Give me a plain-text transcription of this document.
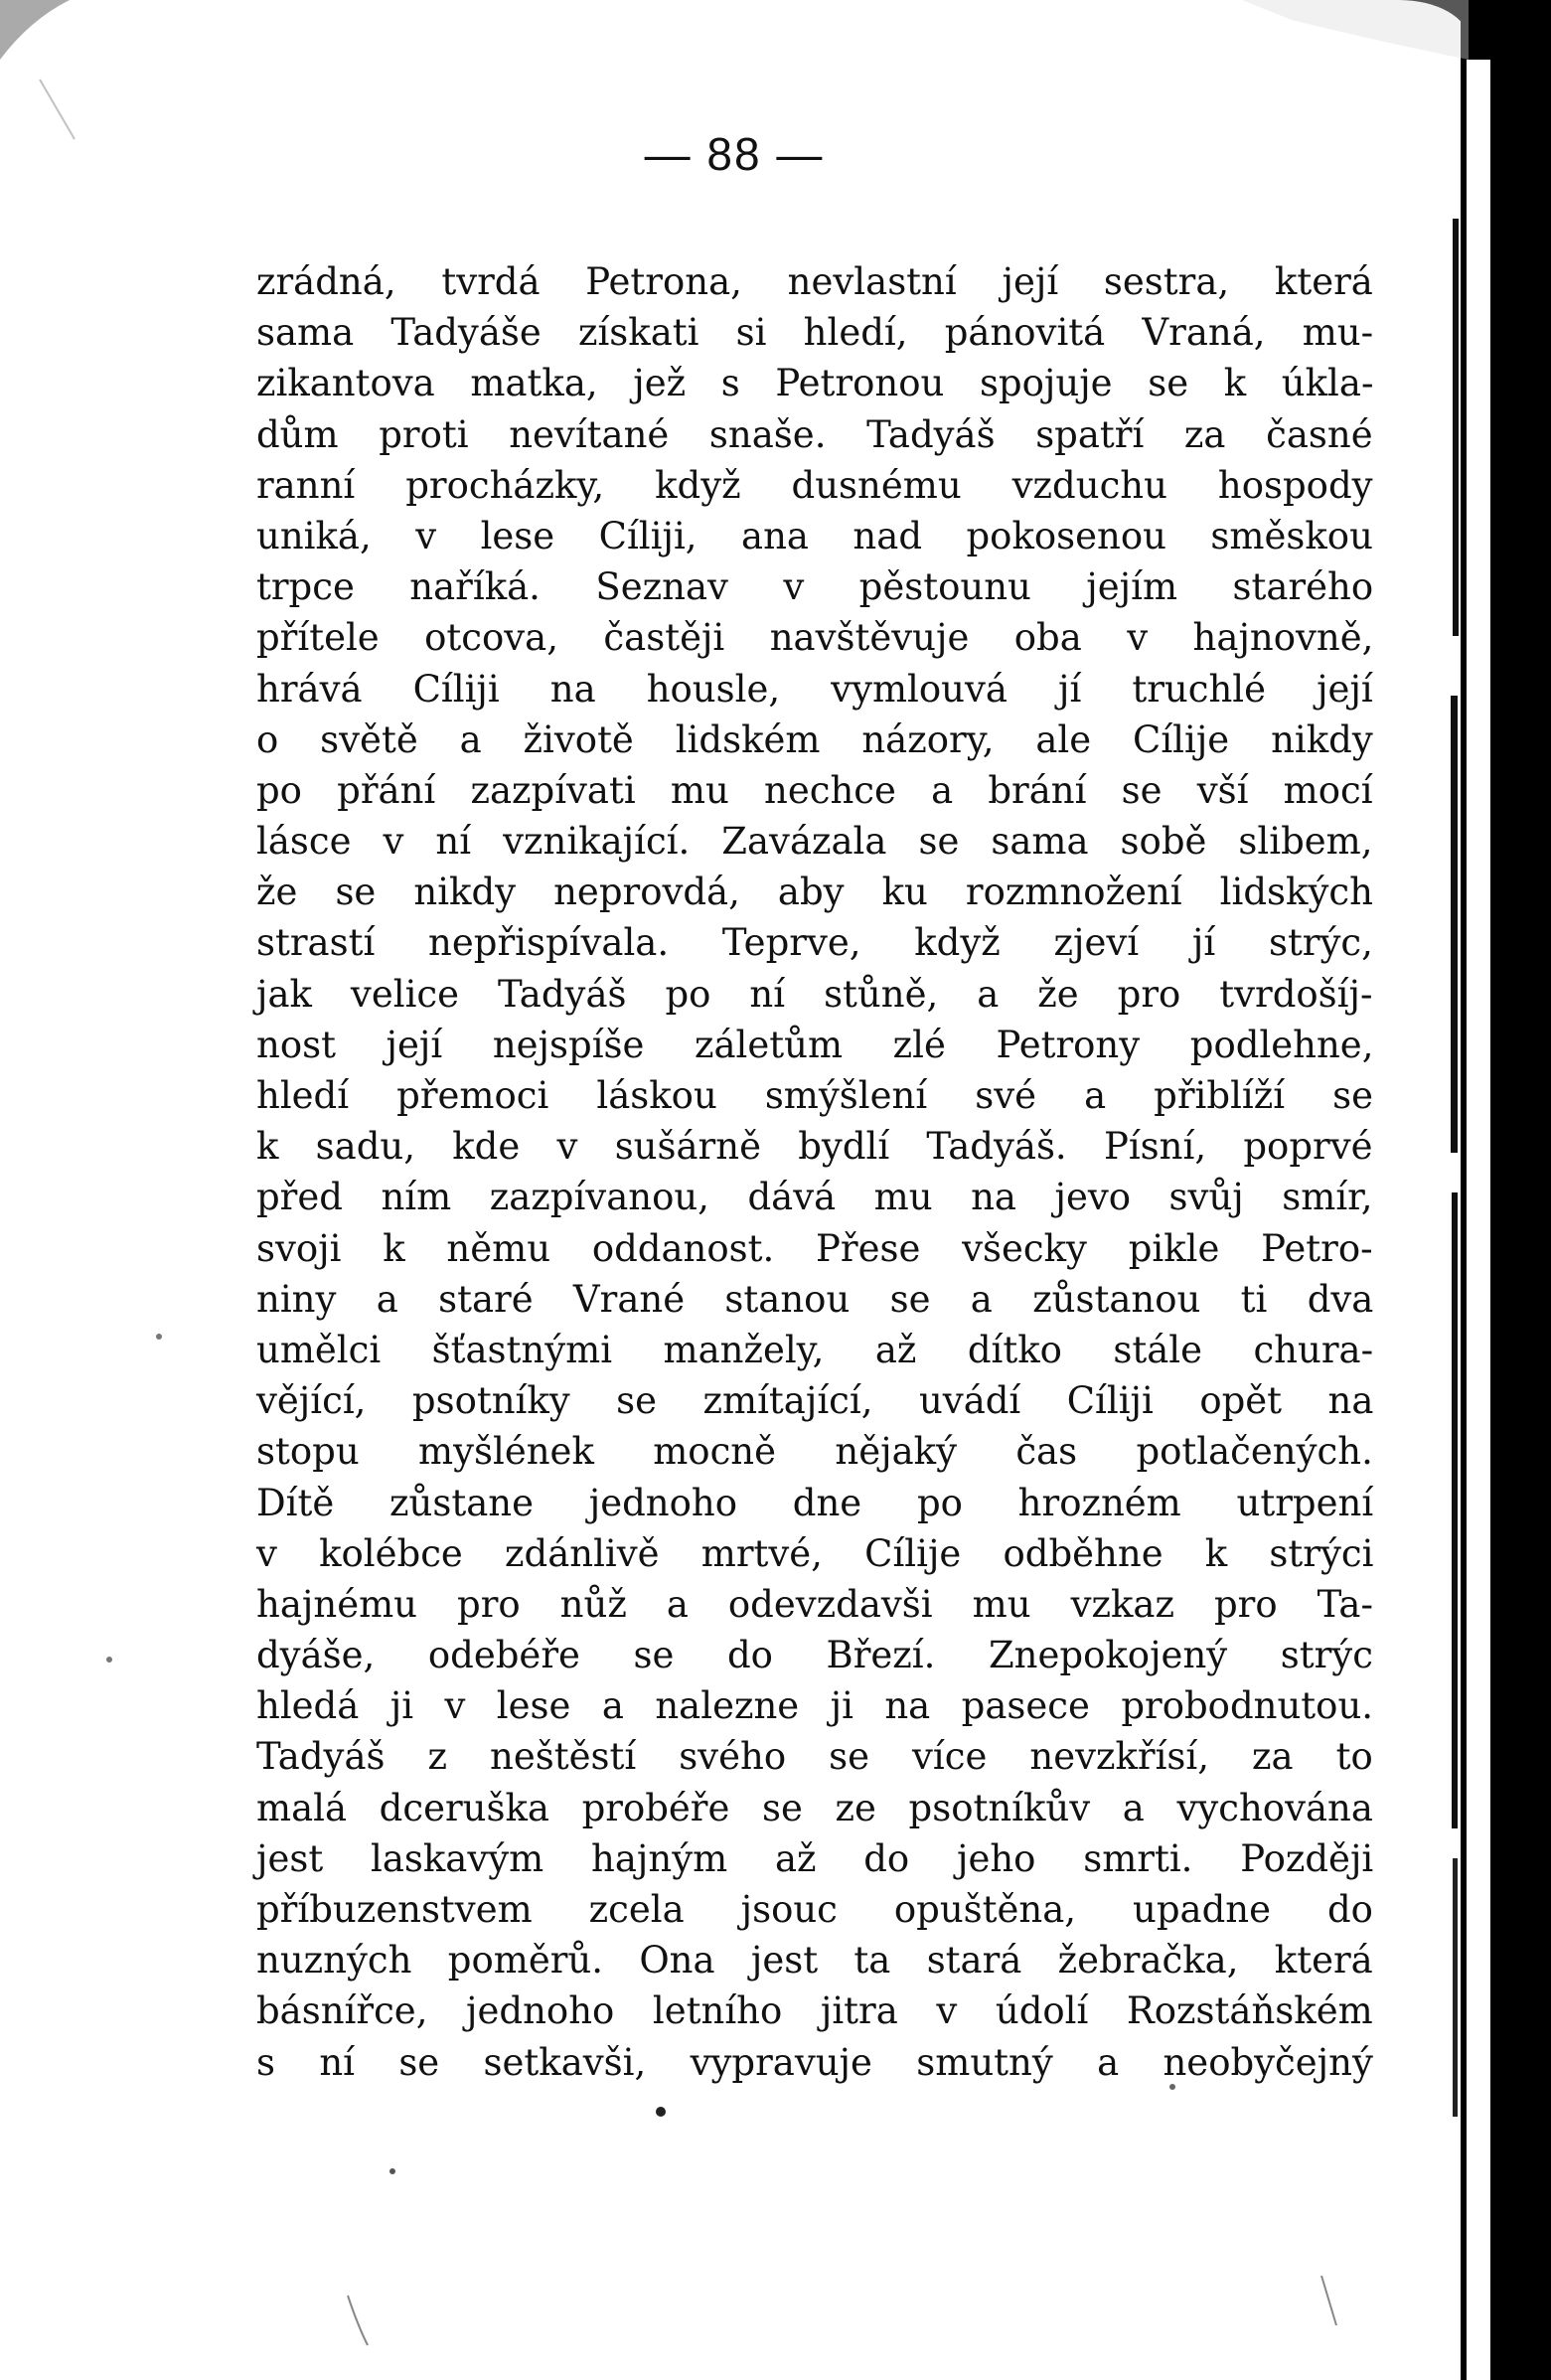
— 88 —
zrádná, tvrdá Petrona, nevlastní její sestra, která
sama Tadyáše získati si hledí, pánovitá Vraná, mu-
zikantova matka, jež s Petronou spojuje se k úkla-
dům proti nevítané snaše. Tadyáš spatří za časné
ranní procházky, když dusnému vzduchu hospody
uniká, v lese Cíliji, ana nad pokosenou směskou
trpce naříká. Seznav v pěstounu jejím starého
přítele otcova, častěji navštěvuje oba v hajnovně,
hrává Cíliji na housle, vymlouvá jí truchlé její
o světě a životě lidském názory, ale Cílije nikdy
po přání zazpívati mu nechce a brání se vší mocí
lásce v ní vznikající. Zavázala se sama sobě slibem,
že se nikdy neprovdá, aby ku rozmnožení lidských
strastí nepřispívala. Teprve, když zjeví jí strýc,
jak velice Tadyáš po ní stůně, a že pro tvrdošíj-
nost její nejspíše záletům zlé Petrony podlehne,
hledí přemoci láskou smýšlení své a přiblíží se
k sadu, kde v sušárně bydlí Tadyáš. Písní, poprvé
před ním zazpívanou, dává mu na jevo svůj smír,
svoji k němu oddanost. Přese všecky pikle Petro-
niny a staré Vrané stanou se a zůstanou ti dva
umělci šťastnými manžely, až dítko stále chura-
vějící, psotníky se zmítající, uvádí Cíliji opět na
stopu myšlének mocně nějaký čas potlačených.
Dítě zůstane jednoho dne po hrozném utrpení
v kolébce zdánlivě mrtvé, Cílije odběhne k strýci
hajnému pro nůž a odevzdavši mu vzkaz pro Ta-
dyáše, odebéře se do Březí. Znepokojený strýc
hledá ji v lese a nalezne ji na pasece probodnutou.
Tadyáš z neštěstí svého se více nevzkřísí, za to
malá dceruška probéře se ze psotníkův a vychována
jest laskavým hajným až do jeho smrti. Později
příbuzenstvem zcela jsouc opuštěna, upadne do
nuzných poměrů. Ona jest ta stará žebračka, která
básnířce, jednoho letního jitra v údolí Rozstáňském
s ní se setkavši, vypravuje smutný a neobyčejný
